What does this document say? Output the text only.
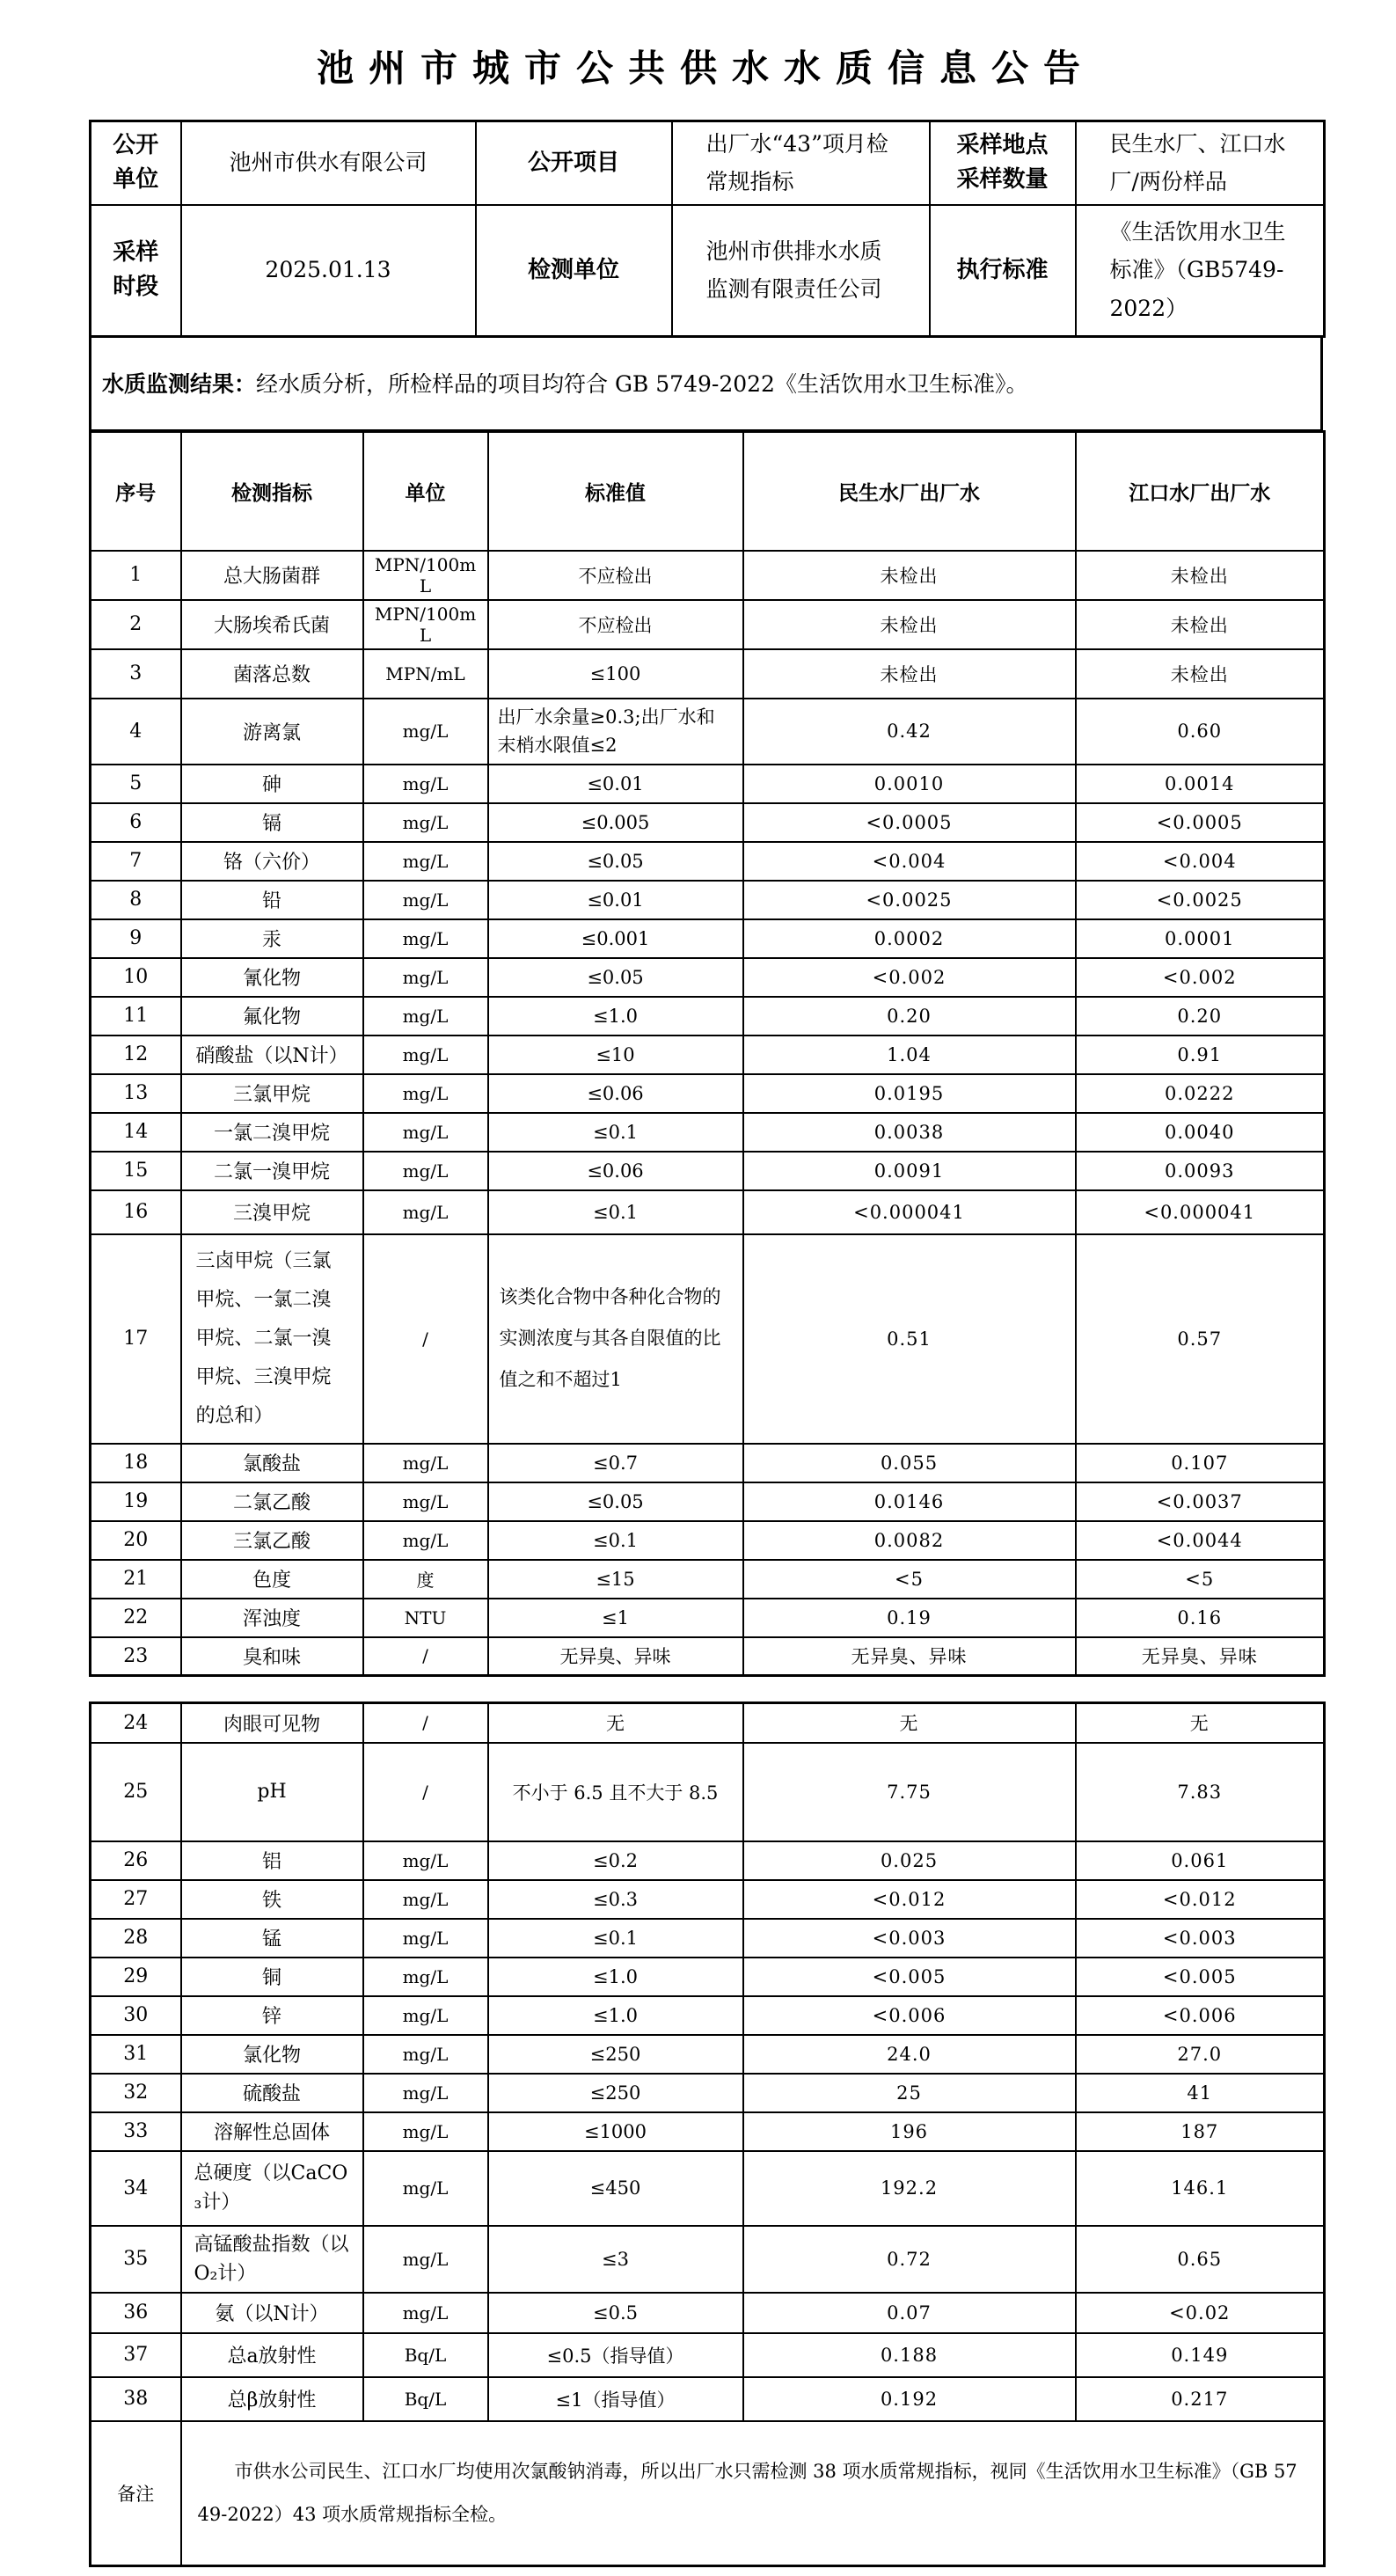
池州市城市公共供水水质信息公告
公开单位	池州市供水有限公司	公开项目	出厂水“43”项月检常规指标	采样地点采样数量	民生水厂、江口水厂/两份样品
采样时段	2025.01.13	检测单位	池州市供排水水质监测有限责任公司	执行标准	《生活饮用水卫生标准》（GB5749-2022）
水质监测结果： 经水质分析，所检样品的项目均符合 GB 5749-2022《生活饮用水卫生标准》。
序号	检测指标	单位	标准值	民生水厂出厂水	江口水厂出厂水
1	总大肠菌群	MPN/100mL	不应检出	未检出	未检出
2	大肠埃希氏菌	MPN/100mL	不应检出	未检出	未检出
3	菌落总数	MPN/mL	≤100	未检出	未检出
4	游离氯	mg/L	出厂水余量≥0.3;出厂水和末梢水限值≤2	0.42	0.60
5	砷	mg/L	≤0.01	0.0010	0.0014
6	镉	mg/L	≤0.005	<0.0005	<0.0005
7	铬（六价）	mg/L	≤0.05	<0.004	<0.004
8	铅	mg/L	≤0.01	<0.0025	<0.0025
9	汞	mg/L	≤0.001	0.0002	0.0001
10	氰化物	mg/L	≤0.05	<0.002	<0.002
11	氟化物	mg/L	≤1.0	0.20	0.20
12	硝酸盐（以N计）	mg/L	≤10	1.04	0.91
13	三氯甲烷	mg/L	≤0.06	0.0195	0.0222
14	一氯二溴甲烷	mg/L	≤0.1	0.0038	0.0040
15	二氯一溴甲烷	mg/L	≤0.06	0.0091	0.0093
16	三溴甲烷	mg/L	≤0.1	<0.000041	<0.000041
17	三卤甲烷（三氯甲烷、一氯二溴甲烷、二氯一溴甲烷、三溴甲烷的总和）	/	该类化合物中各种化合物的实测浓度与其各自限值的比值之和不超过1	0.51	0.57
18	氯酸盐	mg/L	≤0.7	0.055	0.107
19	二氯乙酸	mg/L	≤0.05	0.0146	<0.0037
20	三氯乙酸	mg/L	≤0.1	0.0082	<0.0044
21	色度	度	≤15	<5	<5
22	浑浊度	NTU	≤1	0.19	0.16
23	臭和味	/	无异臭、异味	无异臭、异味	无异臭、异味
24	肉眼可见物	/	无	无	无
25	pH	/	不小于 6.5 且不大于 8.5	7.75	7.83
26	铝	mg/L	≤0.2	0.025	0.061
27	铁	mg/L	≤0.3	<0.012	<0.012
28	锰	mg/L	≤0.1	<0.003	<0.003
29	铜	mg/L	≤1.0	<0.005	<0.005
30	锌	mg/L	≤1.0	<0.006	<0.006
31	氯化物	mg/L	≤250	24.0	27.0
32	硫酸盐	mg/L	≤250	25	41
33	溶解性总固体	mg/L	≤1000	196	187
34	总硬度（以CaCO₃计）	mg/L	≤450	192.2	146.1
35	高锰酸盐指数（以O₂计）	mg/L	≤3	0.72	0.65
36	氨（以N计）	mg/L	≤0.5	0.07	<0.02
37	总a放射性	Bq/L	≤0.5（指导值）	0.188	0.149
38	总β放射性	Bq/L	≤1（指导值）	0.192	0.217
备注	市供水公司民生、江口水厂均使用次氯酸钠消毒，所以出厂水只需检测 38 项水质常规指标，视同《生活饮用水卫生标准》（GB 5749-2022）43 项水质常规指标全检。				
